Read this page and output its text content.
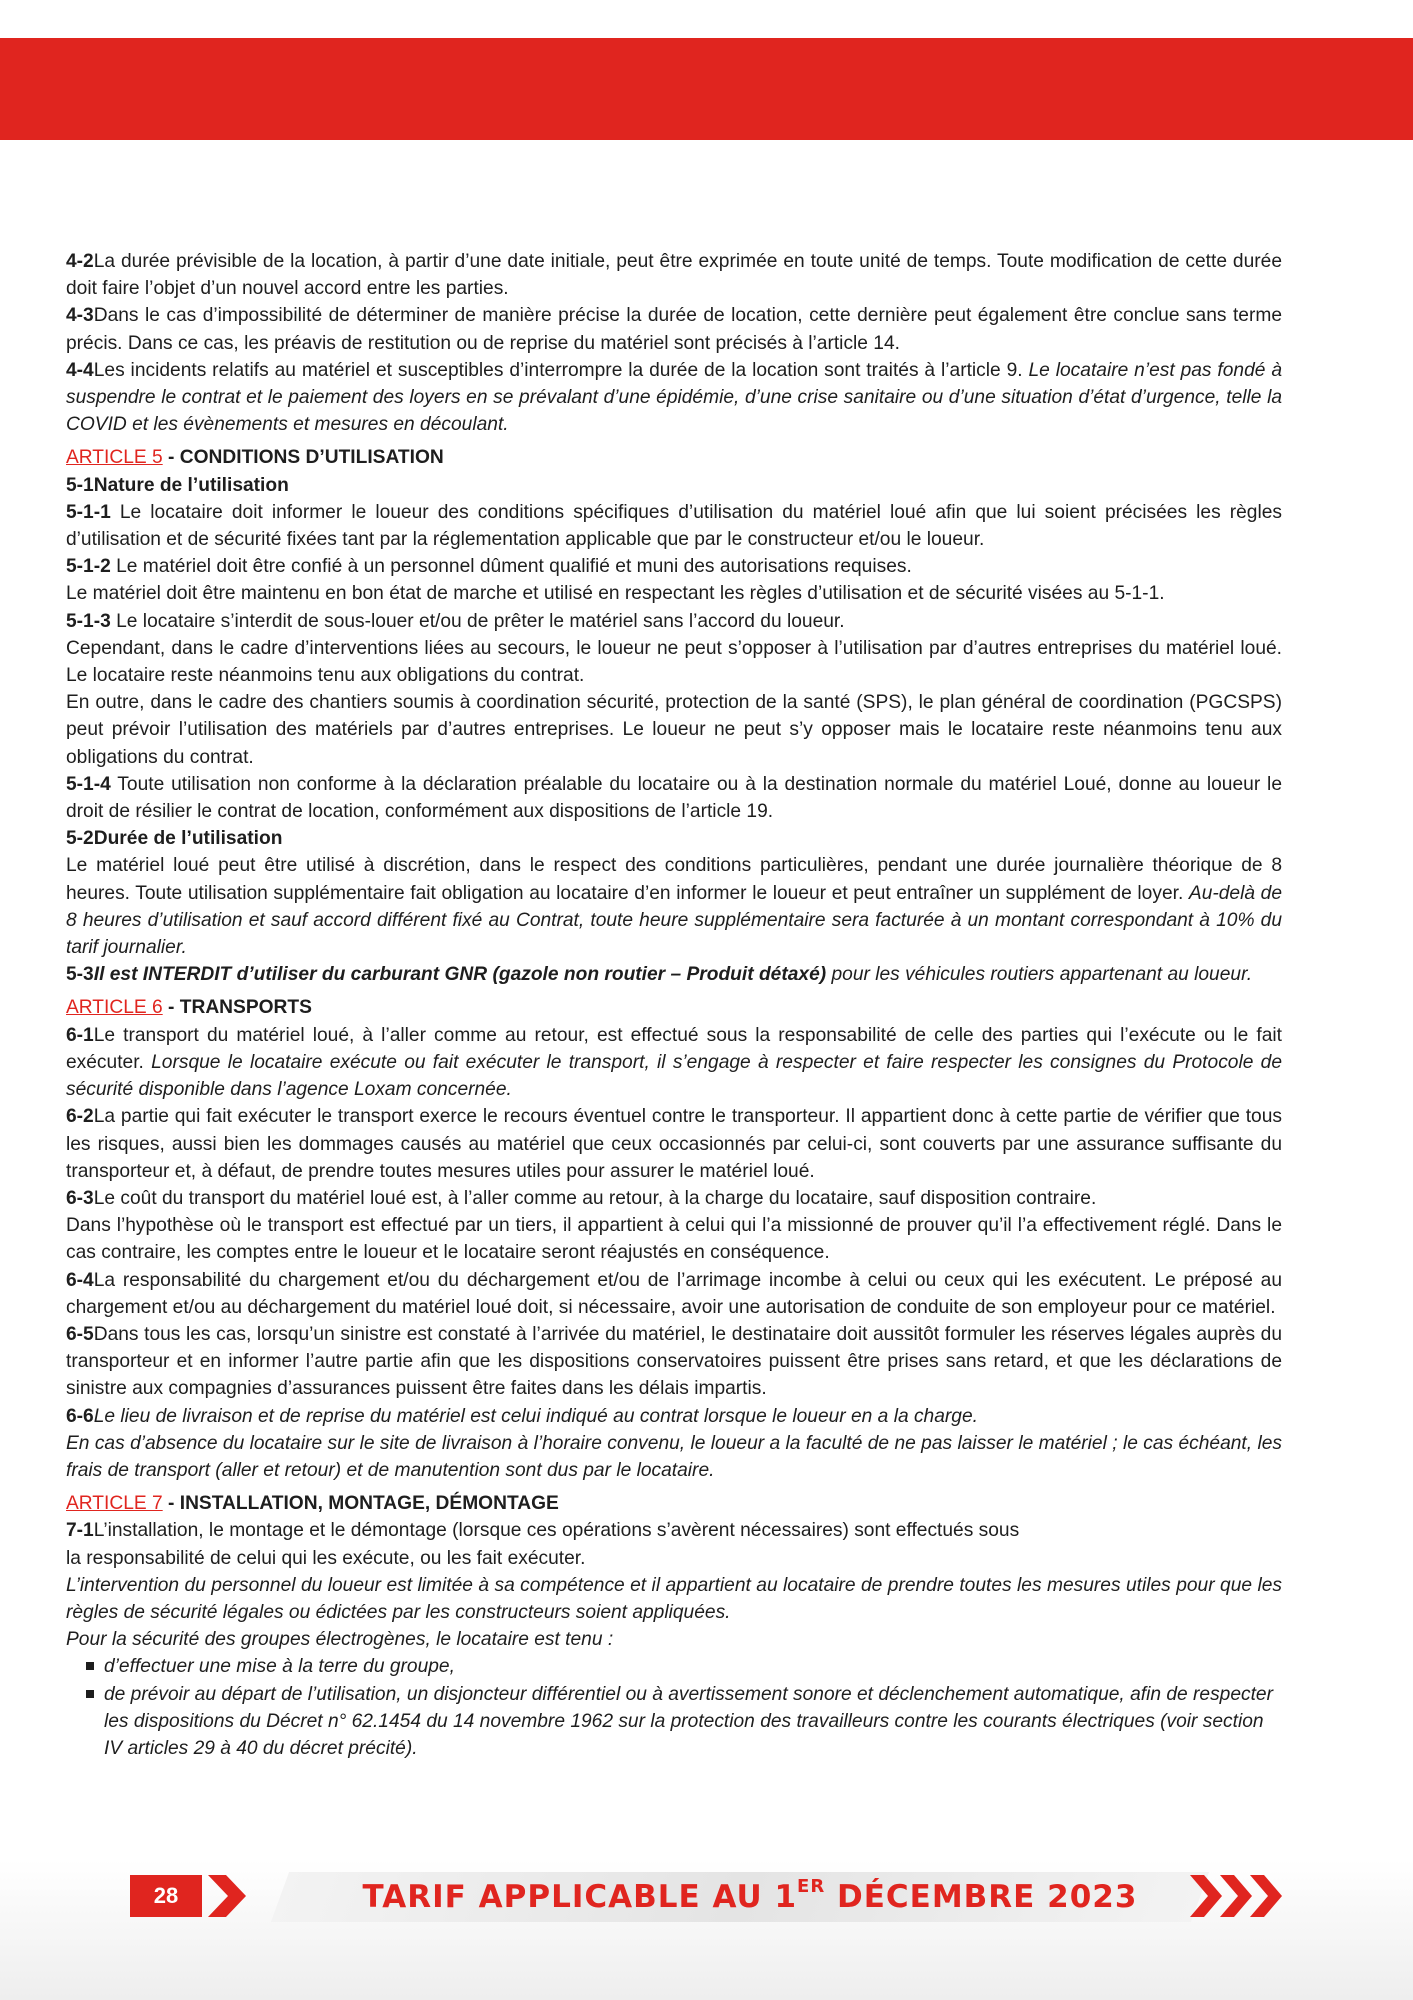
4-2La durée prévisible de la location, à partir d’une date initiale, peut être exprimée en toute unité de temps. Toute modification de cette durée doit faire l’objet d’un nouvel accord entre les parties.

4-3Dans le cas d’impossibilité de déterminer de manière précise la durée de location, cette dernière peut également être conclue sans terme précis. Dans ce cas, les préavis de restitution ou de reprise du matériel sont précisés à l’article 14.

4-4Les incidents relatifs au matériel et susceptibles d’interrompre la durée de la location sont traités à l’article 9. Le locataire n’est pas fondé à suspendre le contrat et le paiement des loyers en se prévalant d’une épidémie, d’une crise sanitaire ou d’une situation d’état d’urgence, telle la COVID et les évènements et mesures en découlant.

ARTICLE 5 - CONDITIONS D’UTILISATION

5-1Nature de l’utilisation

5-1-1 Le locataire doit informer le loueur des conditions spécifiques d’utilisation du matériel loué afin que lui soient précisées les règles d’utilisation et de sécurité fixées tant par la réglementation applicable que par le constructeur et/ou le loueur.

5-1-2 Le matériel doit être confié à un personnel dûment qualifié et muni des autorisations requises.

Le matériel doit être maintenu en bon état de marche et utilisé en respectant les règles d’utilisation et de sécurité visées au 5-1-1.

5-1-3 Le locataire s’interdit de sous-louer et/ou de prêter le matériel sans l’accord du loueur.

Cependant, dans le cadre d’interventions liées au secours, le loueur ne peut s’opposer à l’utilisation par d’autres entreprises du matériel loué. Le locataire reste néanmoins tenu aux obligations du contrat.

En outre, dans le cadre des chantiers soumis à coordination sécurité, protection de la santé (SPS), le plan général de coordination (PGCSPS) peut prévoir l’utilisation des matériels par d’autres entreprises. Le loueur ne peut s’y opposer mais le locataire reste néanmoins tenu aux obligations du contrat.

5-1-4 Toute utilisation non conforme à la déclaration préalable du locataire ou à la destination normale du matériel Loué, donne au loueur le droit de résilier le contrat de location, conformément aux dispositions de l’article 19.

5-2Durée de l’utilisation

Le matériel loué peut être utilisé à discrétion, dans le respect des conditions particulières, pendant une durée journalière théorique de 8 heures. Toute utilisation supplémentaire fait obligation au locataire d’en informer le loueur et peut entraîner un supplément de loyer. Au-delà de 8 heures d’utilisation et sauf accord différent fixé au Contrat, toute heure supplémentaire sera facturée à un montant correspondant à 10% du tarif journalier.

5-3Il est INTERDIT d’utiliser du carburant GNR (gazole non routier – Produit détaxé) pour les véhicules routiers appartenant au loueur.

ARTICLE 6 - TRANSPORTS

6-1Le transport du matériel loué, à l’aller comme au retour, est effectué sous la responsabilité de celle des parties qui l’exécute ou le fait exécuter. Lorsque le locataire exécute ou fait exécuter le transport, il s’engage à respecter et faire respecter les consignes du Protocole de sécurité disponible dans l’agence Loxam concernée.

6-2La partie qui fait exécuter le transport exerce le recours éventuel contre le transporteur. Il appartient donc à cette partie de vérifier que tous les risques, aussi bien les dommages causés au matériel que ceux occasionnés par celui-ci, sont couverts par une assurance suffisante du transporteur et, à défaut, de prendre toutes mesures utiles pour assurer le matériel loué.

6-3Le coût du transport du matériel loué est, à l’aller comme au retour, à la charge du locataire, sauf disposition contraire.

Dans l’hypothèse où le transport est effectué par un tiers, il appartient à celui qui l’a missionné de prouver qu’il l’a effectivement réglé. Dans le cas contraire, les comptes entre le loueur et le locataire seront réajustés en conséquence.

6-4La responsabilité du chargement et/ou du déchargement et/ou de l’arrimage incombe à celui ou ceux qui les exécutent. Le préposé au chargement et/ou au déchargement du matériel loué doit, si nécessaire, avoir une autorisation de conduite de son employeur pour ce matériel.

6-5Dans tous les cas, lorsqu’un sinistre est constaté à l’arrivée du matériel, le destinataire doit aussitôt formuler les réserves légales auprès du transporteur et en informer l’autre partie afin que les dispositions conservatoires puissent être prises sans retard, et que les déclarations de sinistre aux compagnies d’assurances puissent être faites dans les délais impartis.

6-6Le lieu de livraison et de reprise du matériel est celui indiqué au contrat lorsque le loueur en a la charge.

En cas d’absence du locataire sur le site de livraison à l’horaire convenu, le loueur a la faculté de ne pas laisser le matériel ; le cas échéant, les frais de transport (aller et retour) et de manutention sont dus par le locataire.

ARTICLE 7 - INSTALLATION, MONTAGE, DÉMONTAGE

7-1L’installation, le montage et le démontage (lorsque ces opérations s’avèrent nécessaires) sont effectués sous
la responsabilité de celui qui les exécute, ou les fait exécuter.

L’intervention du personnel du loueur est limitée à sa compétence et il appartient au locataire de prendre toutes les mesures utiles pour que les règles de sécurité légales ou édictées par les constructeurs soient appliquées.

Pour la sécurité des groupes électrogènes, le locataire est tenu :

d’effectuer une mise à la terre du groupe,
de prévoir au départ de l’utilisation, un disjoncteur différentiel ou à avertissement sonore et déclenchement automatique, afin de respecter les dispositions du Décret n° 62.1454 du 14 novembre 1962 sur la protection des travailleurs contre les courants électriques (voir section IV articles 29 à 40 du décret précité).
28	TARIF APPLICABLE AU 1ER DÉCEMBRE 2023
